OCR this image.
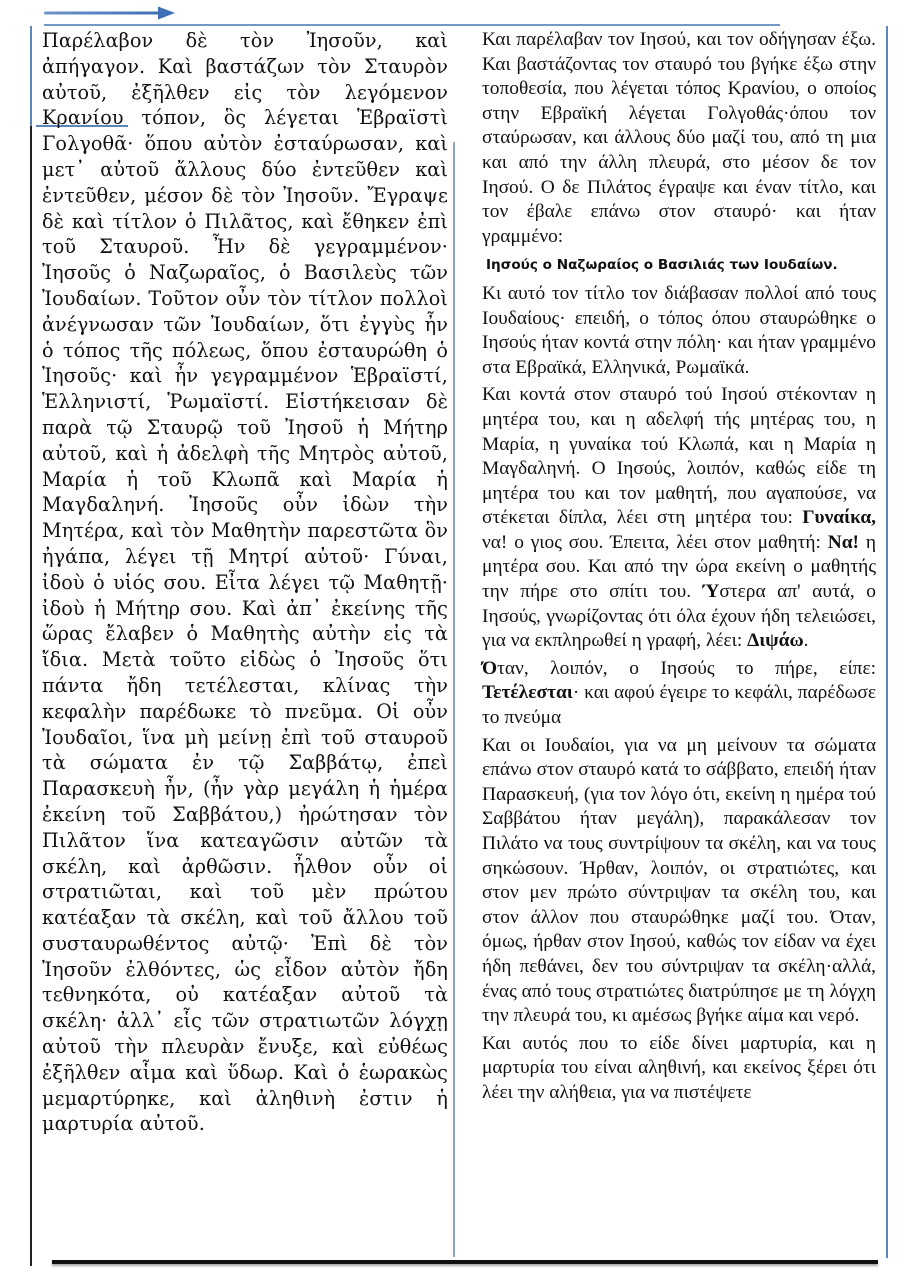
Παρέλαβον δὲ τὸν Ἰησοῦν, καὶ ἀπήγαγον. Καὶ βαστάζων τὸν Σταυρὸν αὐτοῦ, ἐξῆλθεν εἰς τὸν λεγόμενον Κρανίου τόπον, ὃς λέγεται Ἑβραϊστὶ Γολγοθᾶ· ὅπου αὐτὸν ἐσταύρωσαν, καὶ μετ᾽ αὐτοῦ ἄλλους δύο ἐντεῦθεν καὶ ἐντεῦθεν, μέσον δὲ τὸν Ἰησοῦν. Ἔγραψε δὲ καὶ τίτλον ὁ Πιλᾶτος, καὶ ἔθηκεν ἐπὶ τοῦ Σταυροῦ. Ἦν δὲ γεγραμμένον· Ἰησοῦς ὁ Ναζωραῖος, ὁ Βασιλεὺς τῶν Ἰουδαίων. Τοῦτον οὖν τὸν τίτλον πολλοὶ ἀνέγνωσαν τῶν Ἰουδαίων, ὅτι ἐγγὺς ἦν ὁ τόπος τῆς πόλεως, ὅπου ἐσταυρώθη ὁ Ἰησοῦς· καὶ ἦν γεγραμμένον Ἑβραϊστί, Ἑλληνιστί, Ῥωμαϊστί. Εἱστήκεισαν δὲ παρὰ τῷ Σταυρῷ τοῦ Ἰησοῦ ἡ Μήτηρ αὐτοῦ, καὶ ἡ ἀδελφὴ τῆς Μητρὸς αὐτοῦ, Μαρία ἡ τοῦ Κλωπᾶ καὶ Μαρία ἡ Μαγδαληνή. Ἰησοῦς οὖν ἰδὼν τὴν Μητέρα, καὶ τὸν Μαθητὴν παρεστῶτα ὃν ἠγάπα, λέγει τῇ Μητρί αὐτοῦ· Γύναι, ἰδοὺ ὁ υἱός σου. Εἶτα λέγει τῷ Μαθητῇ· ἰδοὺ ἡ Μήτηρ σου. Καὶ ἀπ᾽ ἐκείνης τῆς ὥρας ἔλαβεν ὁ Μαθητὴς αὐτὴν εἰς τὰ ἴδια. Μετὰ τοῦτο εἰδὼς ὁ Ἰησοῦς ὅτι πάντα ἤδη τετέλεσται, κλίνας τὴν κεφαλὴν παρέδωκε τὸ πνεῦμα. Οἱ οὖν Ἰουδαῖοι, ἵνα μὴ μείνῃ ἐπὶ τοῦ σταυροῦ τὰ σώματα ἐν τῷ Σαββάτῳ, ἐπεὶ Παρασκευὴ ἦν, (ἦν γὰρ μεγάλη ἡ ἡμέρα ἐκείνη τοῦ Σαββάτου,) ἠρώτησαν τὸν Πιλᾶτον ἵνα κατεαγῶσιν αὐτῶν τὰ σκέλη, καὶ ἀρθῶσιν. ἦλθον οὖν οἱ στρατιῶται, καὶ τοῦ μὲν πρώτου κατέαξαν τὰ σκέλη, καὶ τοῦ ἄλλου τοῦ συσταυρωθέντος αὐτῷ· Ἐπὶ δὲ τὸν Ἰησοῦν ἐλθόντες, ὡς εἶδον αὐτὸν ἤδη τεθνηκότα, οὐ κατέαξαν αὐτοῦ τὰ σκέλη· ἀλλ᾽ εἷς τῶν στρατιωτῶν λόγχῃ αὐτοῦ τὴν πλευρὰν ἔνυξε, καὶ εὐθέως ἐξῆλθεν αἷμα καὶ ὕδωρ. Καὶ ὁ ἑωρακὼς μεμαρτύρηκε, καὶ ἀληθινὴ ἐστιν ἡ μαρτυρία αὐτοῦ.

Και παρέλαβαν τον Ιησού, και τον οδήγησαν έξω. Και βαστάζοντας τον σταυρό του βγήκε έξω στην τοποθεσία, που λέγεται τόπος Κρανίου, ο οποίος στην Εβραϊκή λέγεται Γολγοθάς·όπου τον σταύρωσαν, και άλλους δύο μαζί του, από τη μια και από την άλλη πλευρά, στο μέσον δε τον Ιησού. Ο δε Πιλάτος έγραψε και έναν τίτλο, και τον έβαλε επάνω στον σταυρό· και ήταν γραμμένο:

Ιησούς ο Ναζωραίος ο Βασιλιάς των Ιουδαίων.

Κι αυτό τον τίτλο τον διάβασαν πολλοί από τους Ιουδαίους· επειδή, ο τόπος όπου σταυρώθηκε ο Ιησούς ήταν κοντά στην πόλη· και ήταν γραμμένο στα Εβραϊκά, Ελληνικά, Ρωμαϊκά.

Και κοντά στον σταυρό τού Ιησού στέκονταν η μητέρα του, και η αδελφή τής μητέρας του, η Μαρία, η γυναίκα τού Κλωπά, και η Μαρία η Μαγδαληνή. Ο Ιησούς, λοιπόν, καθώς είδε τη μητέρα του και τον μαθητή, που αγαπούσε, να στέκεται δίπλα, λέει στη μητέρα του: Γυναίκα, να! ο γιος σου. Έπειτα, λέει στον μαθητή: Να! η μητέρα σου. Και από την ώρα εκείνη ο μαθητής την πήρε στο σπίτι του. Ύστερα απ' αυτά, ο Ιησούς, γνωρίζοντας ότι όλα έχουν ήδη τελειώσει, για να εκπληρωθεί η γραφή, λέει: Διψάω.

Όταν, λοιπόν, ο Ιησούς το πήρε, είπε: Τετέλεσται· και αφού έγειρε το κεφάλι, παρέδωσε το πνεύμα

Και οι Ιουδαίοι, για να μη μείνουν τα σώματα επάνω στον σταυρό κατά το σάββατο, επειδή ήταν Παρασκευή, (για τον λόγο ότι, εκείνη η ημέρα τού Σαββάτου ήταν μεγάλη), παρακάλεσαν τον Πιλάτο να τους συντρίψουν τα σκέλη, και να τους σηκώσουν. Ήρθαν, λοιπόν, οι στρατιώτες, και στον μεν πρώτο σύντριψαν τα σκέλη του, και στον άλλον που σταυρώθηκε μαζί του. Όταν, όμως, ήρθαν στον Ιησού, καθώς τον είδαν να έχει ήδη πεθάνει, δεν του σύντριψαν τα σκέλη·αλλά, ένας από τους στρατιώτες διατρύπησε με τη λόγχη την πλευρά του, κι αμέσως βγήκε αίμα και νερό.

Και αυτός που το είδε δίνει μαρτυρία, και η μαρτυρία του είναι αληθινή, και εκείνος ξέρει ότι λέει την αλήθεια, για να πιστέψετε
